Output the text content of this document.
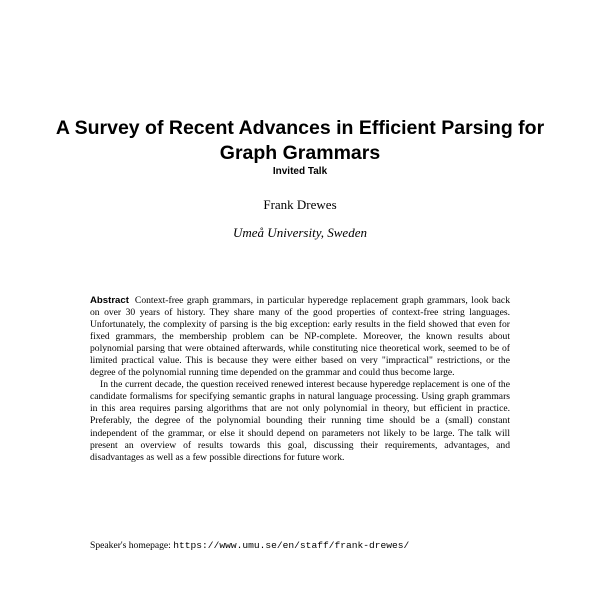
A Survey of Recent Advances in Efficient Parsing for Graph Grammars
Invited Talk
Frank Drewes
Umeå University, Sweden

Abstract Context-free graph grammars, in particular hyperedge replacement graph grammars, look back on over 30 years of history. They share many of the good properties of context-free string languages. Unfortunately, the complexity of parsing is the big exception: early results in the field showed that even for fixed grammars, the membership problem can be NP-complete. Moreover, the known results about polynomial parsing that were obtained afterwards, while constituting nice theoretical work, seemed to be of limited practical value. This is because they were either based on very "impractical" restrictions, or the degree of the polynomial running time depended on the grammar and could thus become large.

In the current decade, the question received renewed interest because hyperedge replacement is one of the candidate formalisms for specifying semantic graphs in natural language processing. Using graph grammars in this area requires parsing algorithms that are not only polynomial in theory, but efficient in practice. Preferably, the degree of the polynomial bounding their running time should be a (small) constant independent of the grammar, or else it should depend on parameters not likely to be large. The talk will present an overview of results towards this goal, discussing their requirements, advantages, and disadvantages as well as a few possible directions for future work.

Speaker's homepage: https://www.umu.se/en/staff/frank-drewes/
